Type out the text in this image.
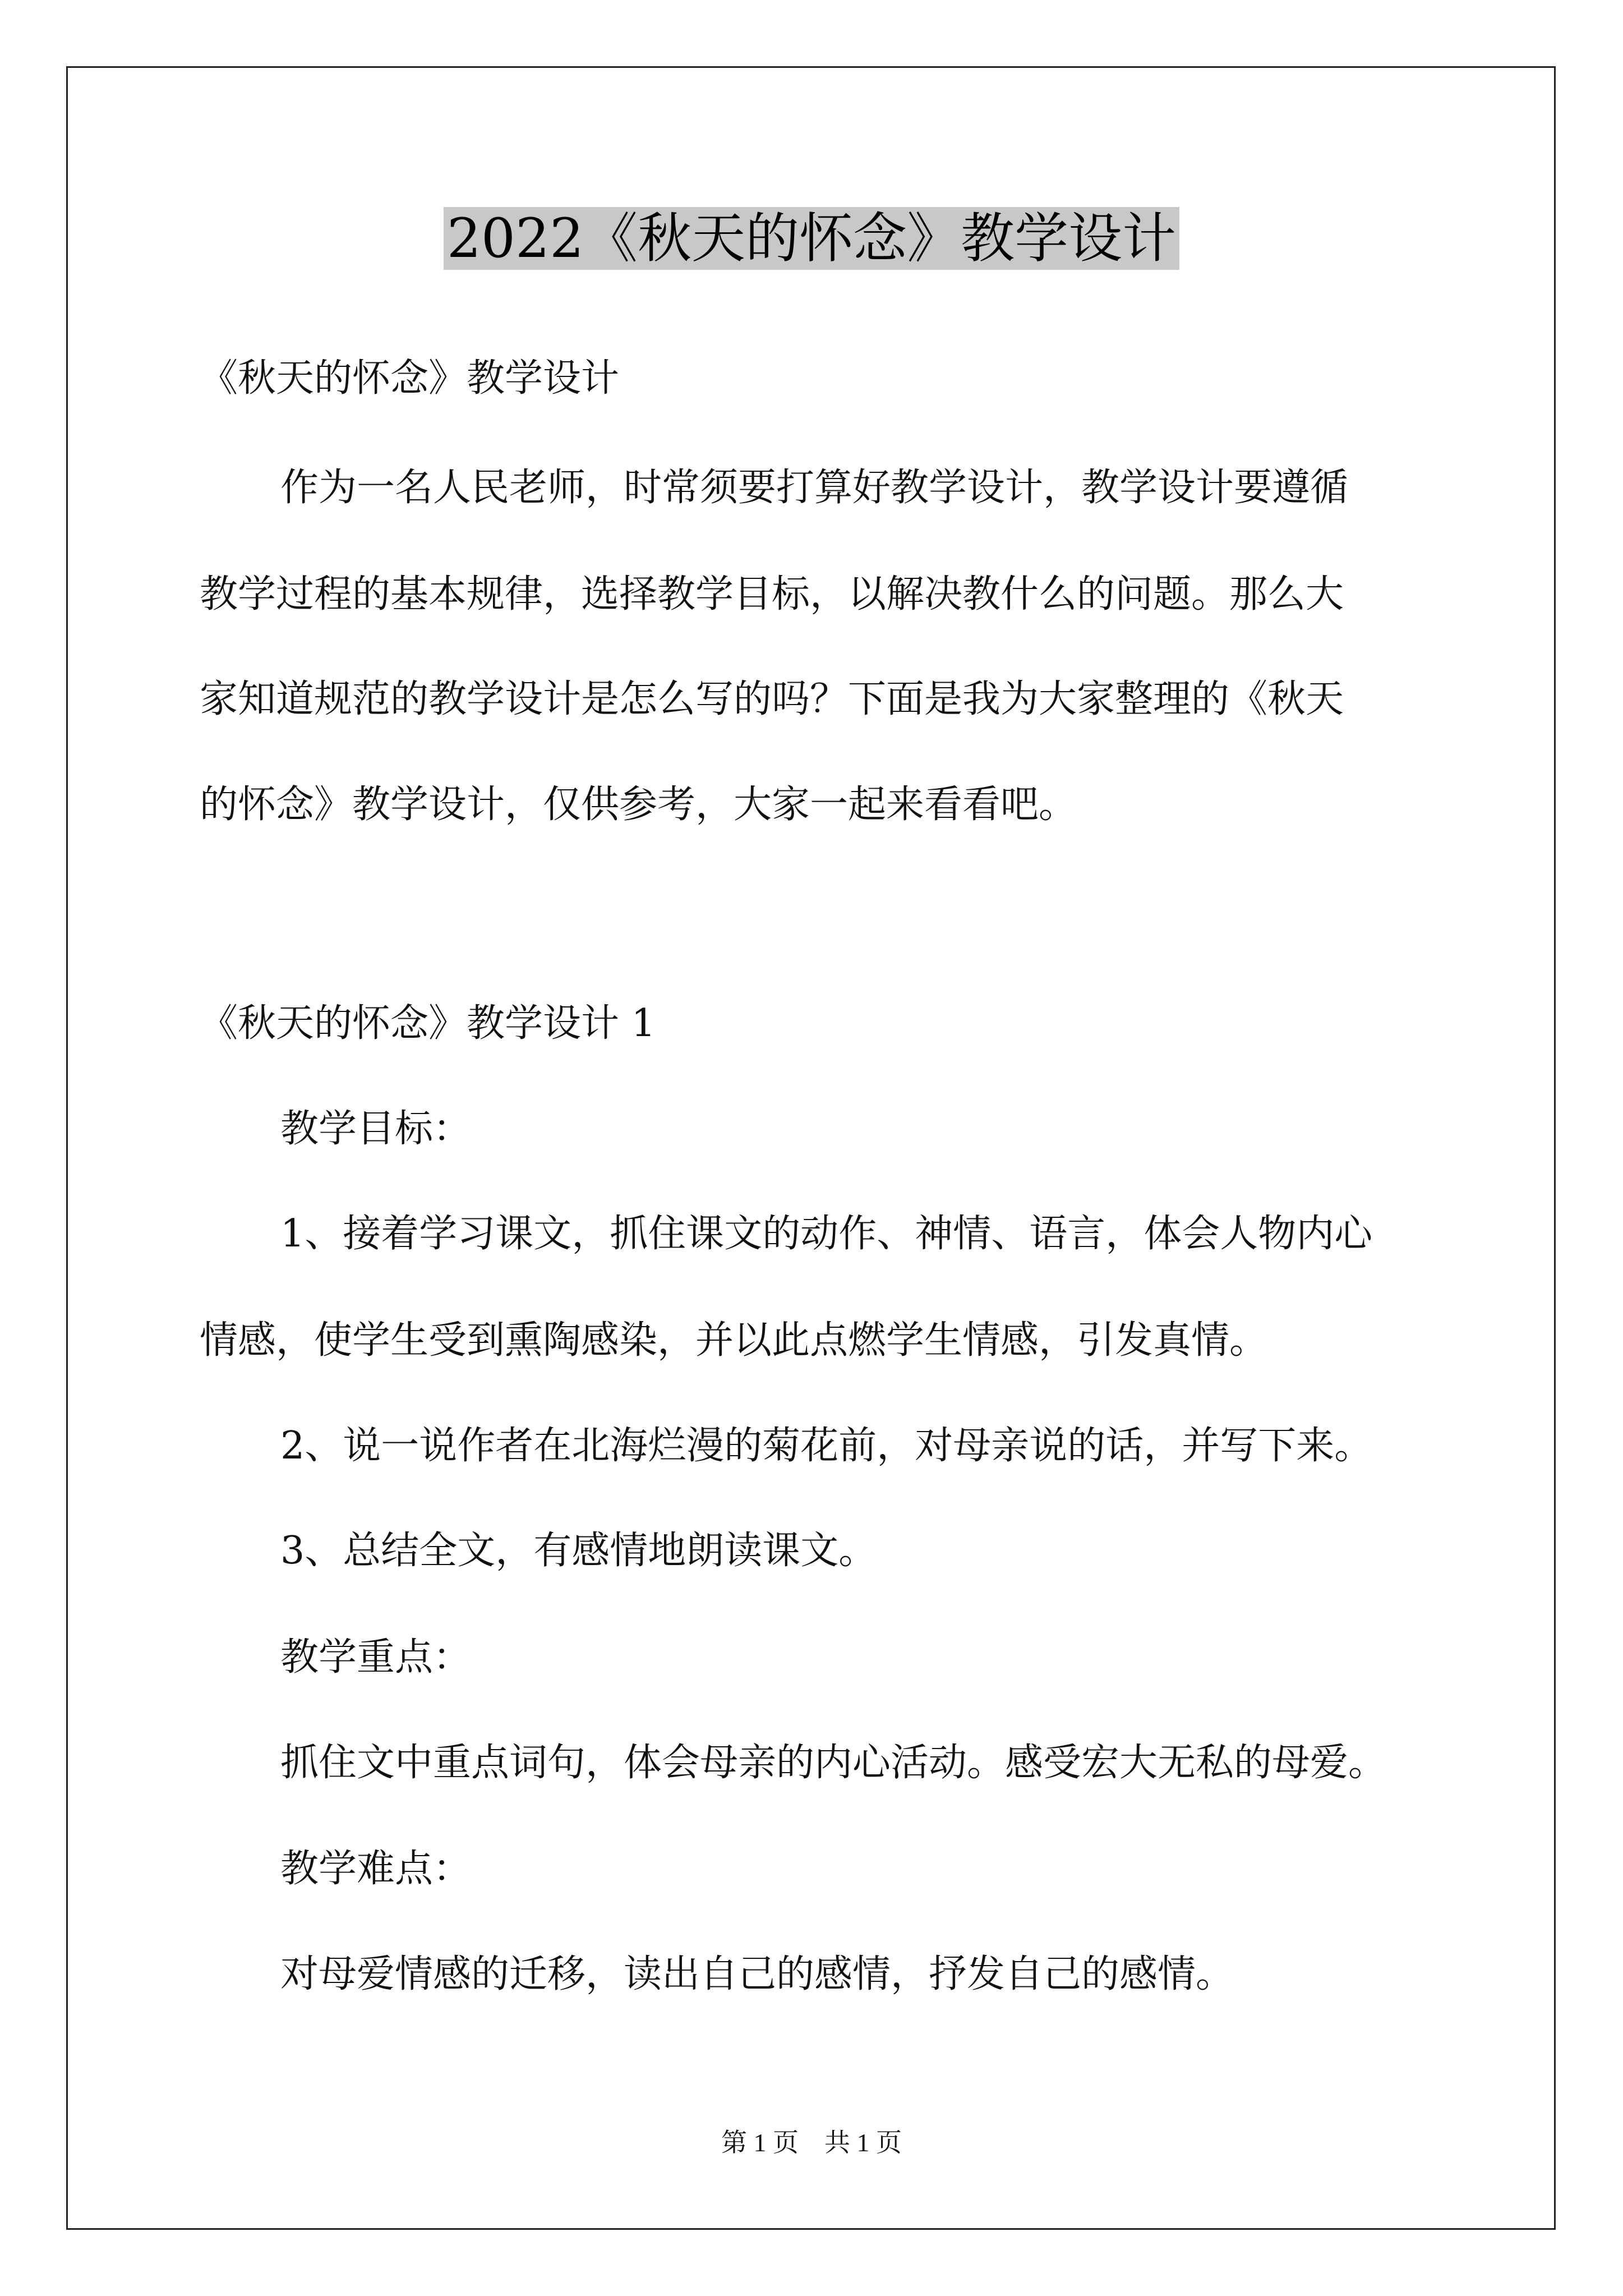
2022《秋天的怀念》教学设计
《秋天的怀念》教学设计
作为一名人民老师，时常须要打算好教学设计，教学设计要遵循
教学过程的基本规律，选择教学目标，以解决教什么的问题。那么大
家知道规范的教学设计是怎么写的吗？下面是我为大家整理的《秋天
的怀念》教学设计，仅供参考，大家一起来看看吧。
《秋天的怀念》教学设计 1
教学目标：
1、接着学习课文，抓住课文的动作、神情、语言，体会人物内心
情感，使学生受到熏陶感染，并以此点燃学生情感，引发真情。
2、说一说作者在北海烂漫的菊花前，对母亲说的话，并写下来。
3、总结全文，有感情地朗读课文。
教学重点：
抓住文中重点词句，体会母亲的内心活动。感受宏大无私的母爱。
教学难点：
对母爱情感的迁移，读出自己的感情，抒发自己的感情。
第 1 页 共 1 页
